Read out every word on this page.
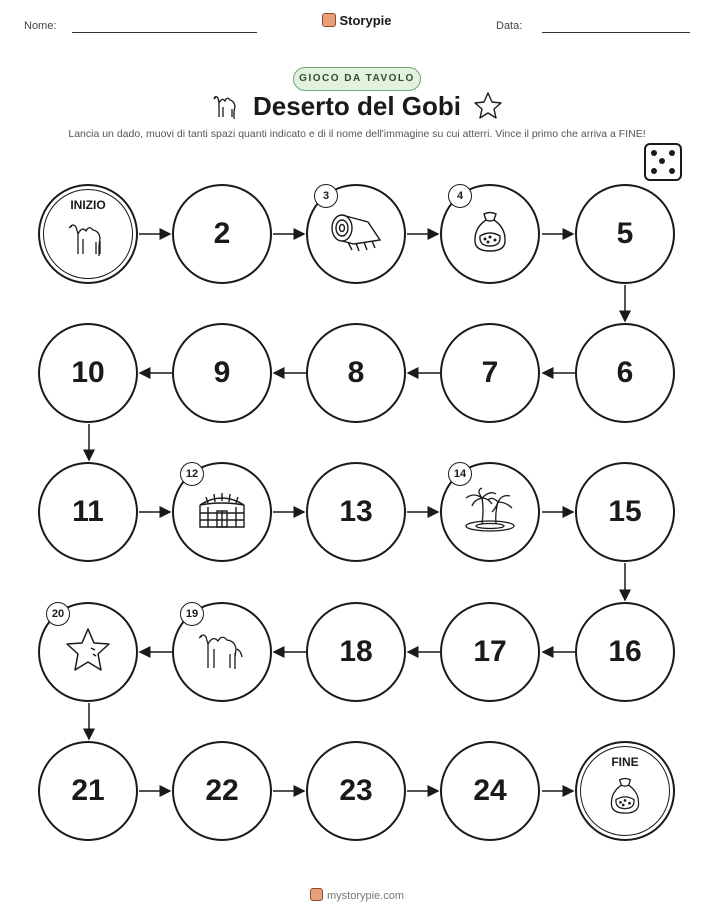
Nome:	Storypie	Data:
GIOCO DA TAVOLO
Deserto del Gobi
Lancia un dado, muovi di tanti spazi quanti indicato e di il nome dell'immagine su cui atterri. Vince il primo che arriva a FINE!
INIZIO
2
3	4
5
10	9	8	7	6
11
12
13
14
15
20	19
18	17	16
21	22	23	24
FINE
mystorypie.com
